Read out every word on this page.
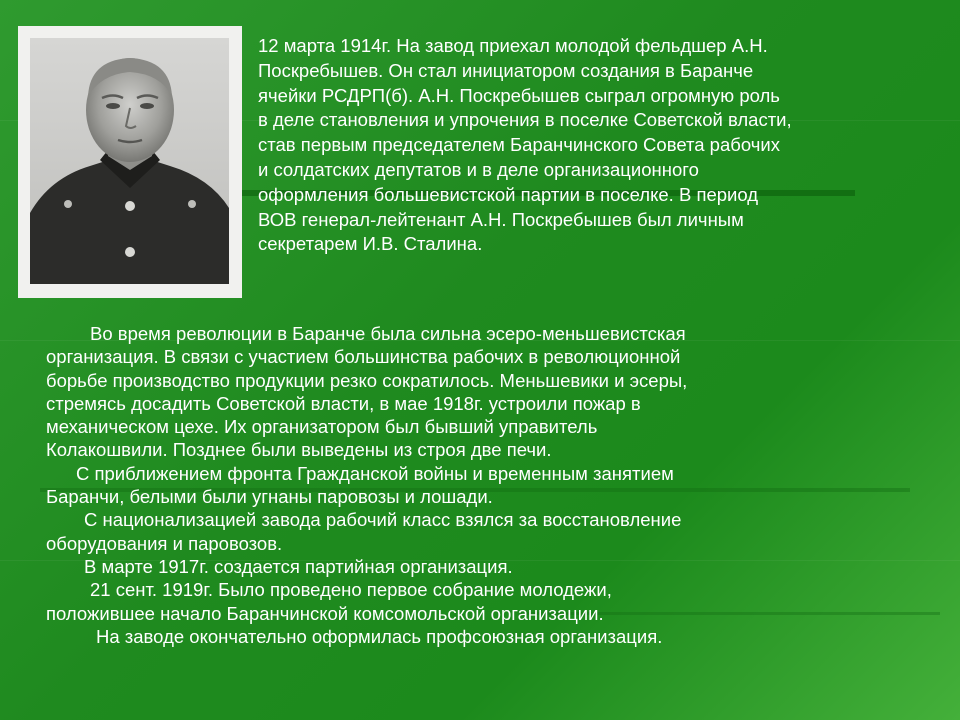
12 марта 1914г. На завод приехал молодой фельдшер А.Н.
Поскребышев. Он стал инициатором создания в Баранче
ячейки РСДРП(б). А.Н. Поскребышев сыграл огромную роль
в деле становления и упрочения в поселке Советской власти,
став первым председателем Баранчинского Совета рабочих
и солдатских депутатов и в деле организационного
оформления большевистской партии в поселке. В период
ВОВ генерал-лейтенант А.Н. Поскребышев был личным
секретарем И.В. Сталина.
Во время революции в Баранче была сильна эсеро-меньшевистская
организация. В связи с участием большинства рабочих в революционной
борьбе производство продукции резко сократилось. Меньшевики и эсеры,
стремясь досадить Советской власти, в мае 1918г. устроили пожар в
механическом цехе. Их организатором был бывший управитель
Колакошвили. Позднее были выведены из строя две печи.
С приближением фронта Гражданской войны и временным занятием
Баранчи, белыми были угнаны паровозы и лошади.
С национализацией завода рабочий класс взялся за восстановление
оборудования и паровозов.
В марте 1917г. создается партийная организация.
21 сент. 1919г. Было проведено первое собрание молодежи,
положившее начало Баранчинской комсомольской организации.
На заводе окончательно оформилась профсоюзная организация.
